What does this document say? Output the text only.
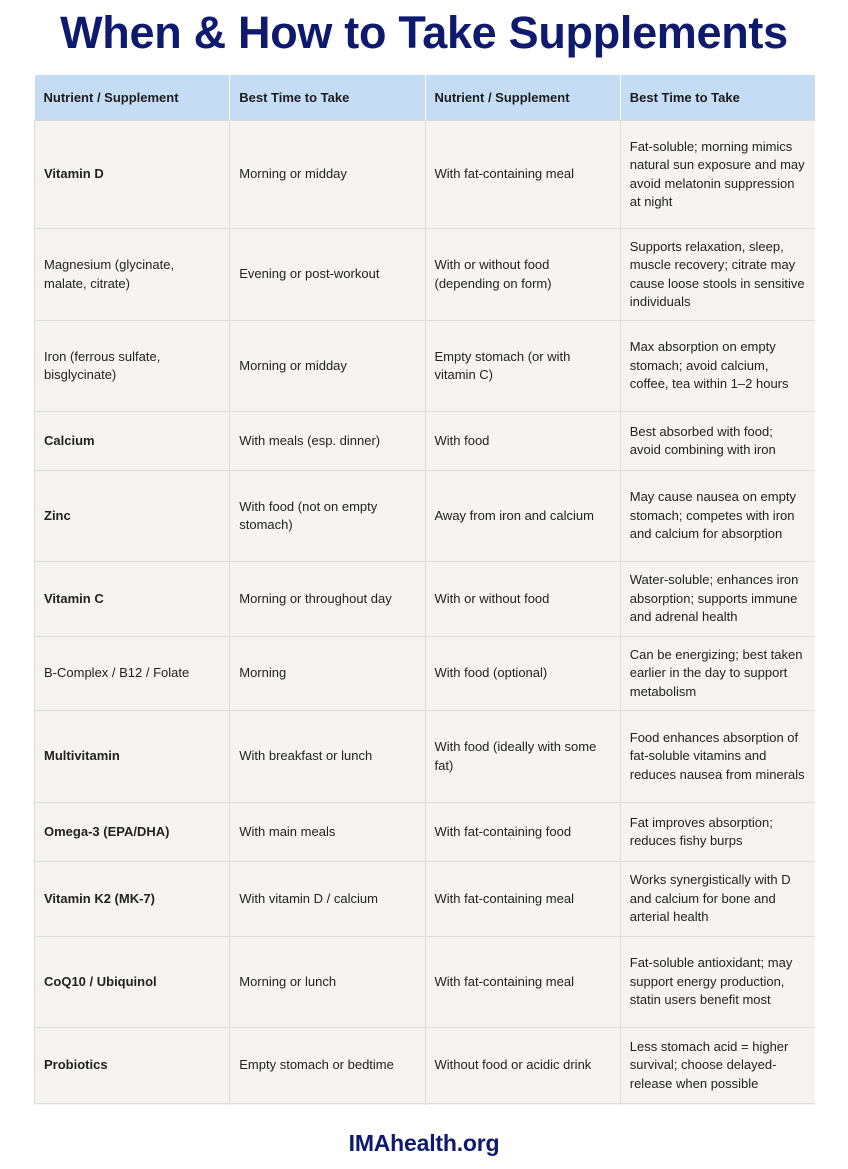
When & How to Take Supplements
Nutrient / Supplement	Best Time to Take	Nutrient / Supplement	Best Time to Take
Vitamin D	Morning or midday	With fat-containing meal	Fat-soluble; morning mimics natural sun exposure and may avoid melatonin suppression at night
Magnesium (glycinate, malate, citrate)	Evening or post-workout	With or without food (depending on form)	Supports relaxation, sleep, muscle recovery; citrate may cause loose stools in sensitive individuals
Iron (ferrous sulfate, bisglycinate)	Morning or midday	Empty stomach (or with vitamin C)	Max absorption on empty stomach; avoid calcium, coffee, tea within 1–2 hours
Calcium	With meals (esp. dinner)	With food	Best absorbed with food; avoid combining with iron
Zinc	With food (not on empty stomach)	Away from iron and calcium	May cause nausea on empty stomach; competes with iron and calcium for absorption
Vitamin C	Morning or throughout day	With or without food	Water-soluble; enhances iron absorption; supports immune and adrenal health
B-Complex / B12 / Folate	Morning	With food (optional)	Can be energizing; best taken earlier in the day to support metabolism
Multivitamin	With breakfast or lunch	With food (ideally with some fat)	Food enhances absorption of fat-soluble vitamins and reduces nausea from minerals
Omega-3 (EPA/DHA)	With main meals	With fat-containing food	Fat improves absorption; reduces fishy burps
Vitamin K2 (MK-7)	With vitamin D / calcium	With fat-containing meal	Works synergistically with D and calcium for bone and arterial health
CoQ10 / Ubiquinol	Morning or lunch	With fat-containing meal	Fat-soluble antioxidant; may support energy production, statin users benefit most
Probiotics	Empty stomach or bedtime	Without food or acidic drink	Less stomach acid = higher survival; choose delayed-release when possible

IMAhealth.org
